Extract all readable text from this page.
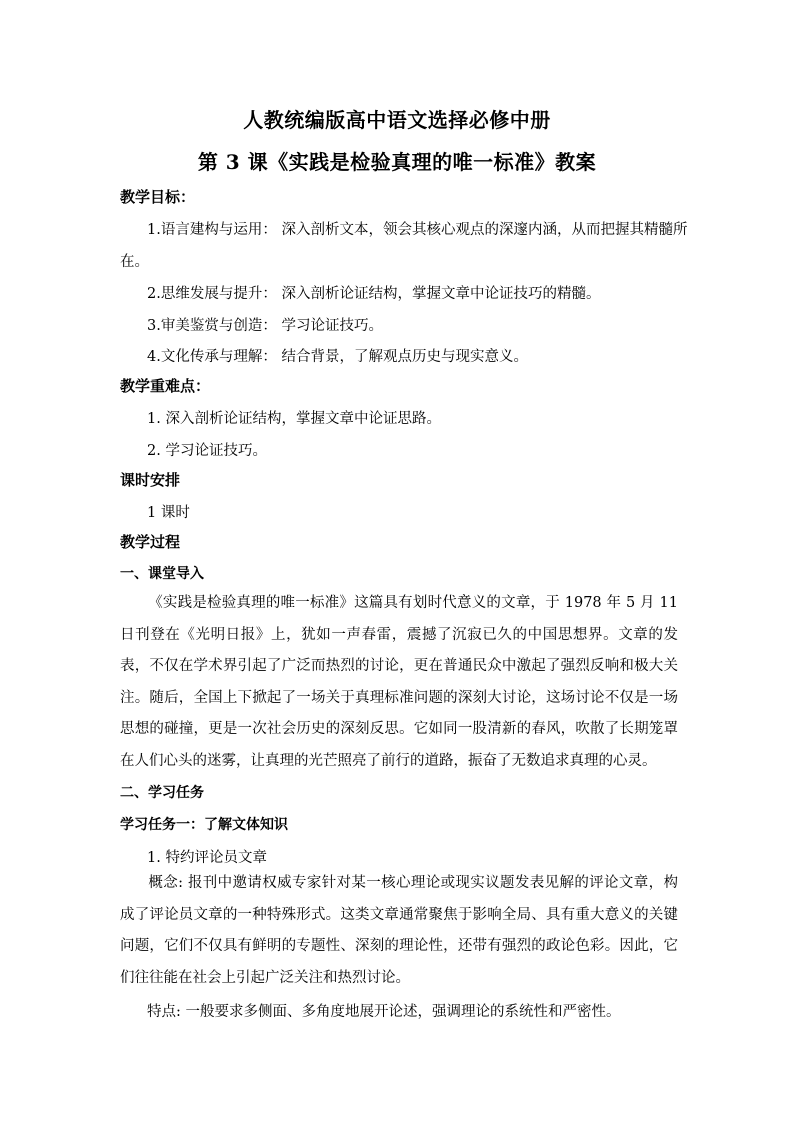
人教统编版高中语文选择必修中册
第 3 课《实践是检验真理的唯一标准》教案
教学目标：
1.语言建构与运用： 深入剖析文本，领会其核心观点的深邃内涵，从而把握其精髓所
在。
2.思维发展与提升： 深入剖析论证结构，掌握文章中论证技巧的精髓。
3.审美鉴赏与创造： 学习论证技巧。
4.文化传承与理解： 结合背景，了解观点历史与现实意义。
教学重难点：
1. 深入剖析论证结构，掌握文章中论证思路。
2. 学习论证技巧。
课时安排
1 课时
教学过程
一、课堂导入
《实践是检验真理的唯一标准》这篇具有划时代意义的文章，于 1978 年 5 月 11 日刊登在《光明日报》上，犹如一声春雷，震撼了沉寂已久的中国思想界。文章的发表，不仅在学术界引起了广泛而热烈的讨论，更在普通民众中激起了强烈反响和极大关注。随后，全国上下掀起了一场关于真理标准问题的深刻大讨论，这场讨论不仅是一场思想的碰撞，更是一次社会历史的深刻反思。它如同一股清新的春风，吹散了长期笼罩在人们心头的迷雾，让真理的光芒照亮了前行的道路，振奋了无数追求真理的心灵。
二、学习任务
学习任务一：了解文体知识
1. 特约评论员文章
概念: 报刊中邀请权威专家针对某一核心理论或现实议题发表见解的评论文章，构成了评论员文章的一种特殊形式。这类文章通常聚焦于影响全局、具有重大意义的关键问题，它们不仅具有鲜明的专题性、深刻的理论性，还带有强烈的政论色彩。因此，它们往往能在社会上引起广泛关注和热烈讨论。
特点: 一般要求多侧面、多角度地展开论述，强调理论的系统性和严密性。
